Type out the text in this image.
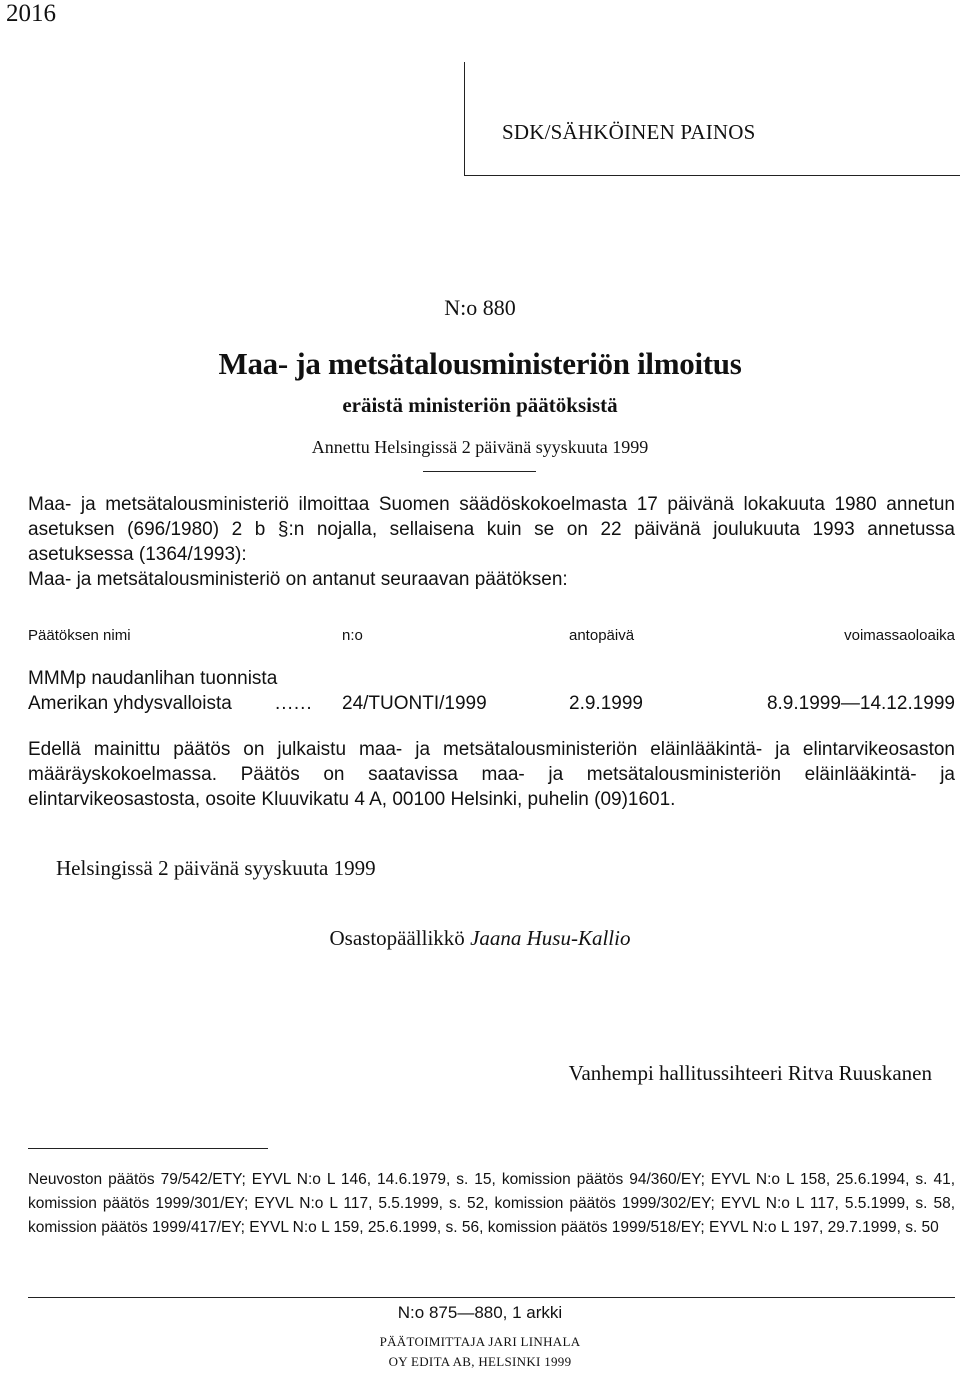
2016
SDK/SÄHKÖINEN PAINOS
N:o 880
Maa- ja metsätalousministeriön ilmoitus
eräistä ministeriön päätöksistä
Annettu Helsingissä 2 päivänä syyskuuta 1999

Maa- ja metsätalousministeriö ilmoittaa Suomen säädöskokoelmasta 17 päivänä lokakuuta 1980 annetun asetuksen (696/1980) 2 b §:n nojalla, sellaisena kuin se on 22 päivänä joulukuuta 1993 annetussa asetuksessa (1364/1993):

Maa- ja metsätalousministeriö on antanut seuraavan päätöksen:
Päätöksen nimi	n:o	antopäivä	voimassaoloaika
MMMp naudanlihan tuonnista
Amerikan yhdysvalloista ...... 24/TUONTI/1999	2.9.1999	8.9.1999—14.12.1999

Edellä mainittu päätös on julkaistu maa- ja metsätalousministeriön eläinlääkintä- ja elintarvikeosaston määräyskokoelmassa. Päätös on saatavissa maa- ja metsätalousministeriön eläinlääkintä- ja elintarvikeosastosta, osoite Kluuvikatu 4 A, 00100 Helsinki, puhelin (09)1601.

Helsingissä 2 päivänä syyskuuta 1999
Osastopäällikkö Jaana Husu-Kallio
Vanhempi hallitussihteeri Ritva Ruuskanen

Neuvoston päätös 79/542/ETY; EYVL N:o L 146, 14.6.1979, s. 15, komission päätös 94/360/EY; EYVL N:o L 158, 25.6.1994, s. 41, komission päätös 1999/301/EY; EYVL N:o L 117, 5.5.1999, s. 52, komission päätös 1999/302/EY; EYVL N:o L 117, 5.5.1999, s. 58, komission päätös 1999/417/EY; EYVL N:o L 159, 25.6.1999, s. 56, komission päätös 1999/518/EY; EYVL N:o L 197, 29.7.1999, s. 50

N:o 875—880, 1 arkki
PÄÄTOIMITTAJA JARI LINHALA
OY EDITA AB, HELSINKI 1999
